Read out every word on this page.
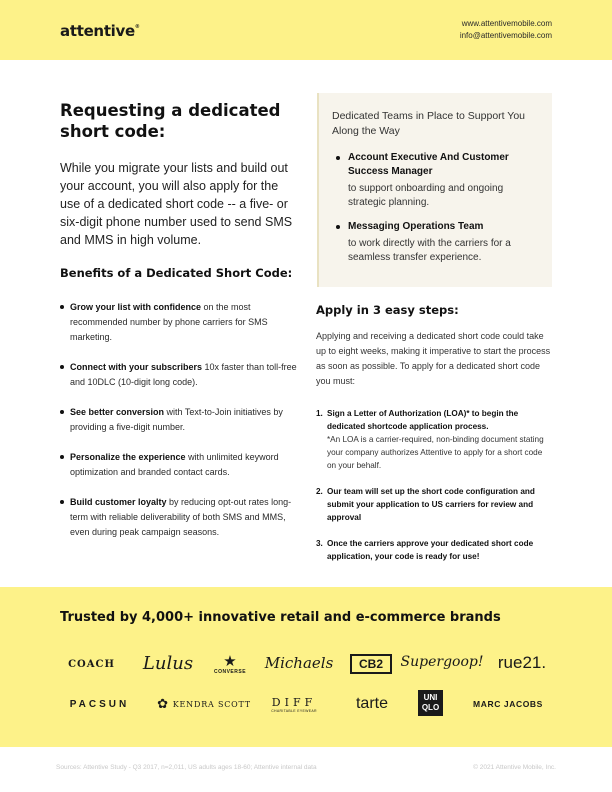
attentive®	www.attentivemobile.com
info@attentivemobile.com
Requesting a dedicated short code:

While you migrate your lists and build out your account, you will also apply for the use of a dedicated short code -- a five- or six-digit phone number used to send SMS and MMS in high volume.

Benefits of a Dedicated Short Code:
Grow your list with confidence on the most recommended number by phone carriers for SMS marketing.
Connect with your subscribers 10x faster than toll-free and 10DLC (10-digit long code).
See better conversion with Text-to-Join initiatives by providing a five-digit number.
Personalize the experience with unlimited keyword optimization and branded contact cards.
Build customer loyalty by reducing opt-out rates long-term with reliable deliverability of both SMS and MMS, even during peak campaign seasons.
Dedicated Teams in Place to Support You Along the Way
Account Executive And Customer Success Manager
to support onboarding and ongoing strategic planning.
Messaging Operations Team
to work directly with the carriers for a seamless transfer experience.
Apply in 3 easy steps:

Applying and receiving a dedicated short code could take up to eight weeks, making it imperative to start the process as soon as possible. To apply for a dedicated short code you must:

1. Sign a Letter of Authorization (LOA)* to begin the dedicated shortcode application process.
*An LOA is a carrier-required, non-binding document stating your company authorizes Attentive to apply for a short code on your behalf.
2. Our team will set up the short code configuration and submit your application to US carriers for review and approval
3. Once the carriers approve your dedicated short code application, your code is ready for use!
Trusted by 4,000+ innovative retail and e-commerce brands
COACH	Lulus ★
CONVERSE Michaels	CB2	Supergoop! rue21.
PACSUN	✿ KENDRA SCOTT DIFF
CHARITABLE EYEWEAR	tarte	UNI
QLO	MARC JACOBS
Sources: Attentive Study - Q3 2017, n=2,011, US adults ages 18-60; Attentive internal data	© 2021 Attentive Mobile, Inc.
